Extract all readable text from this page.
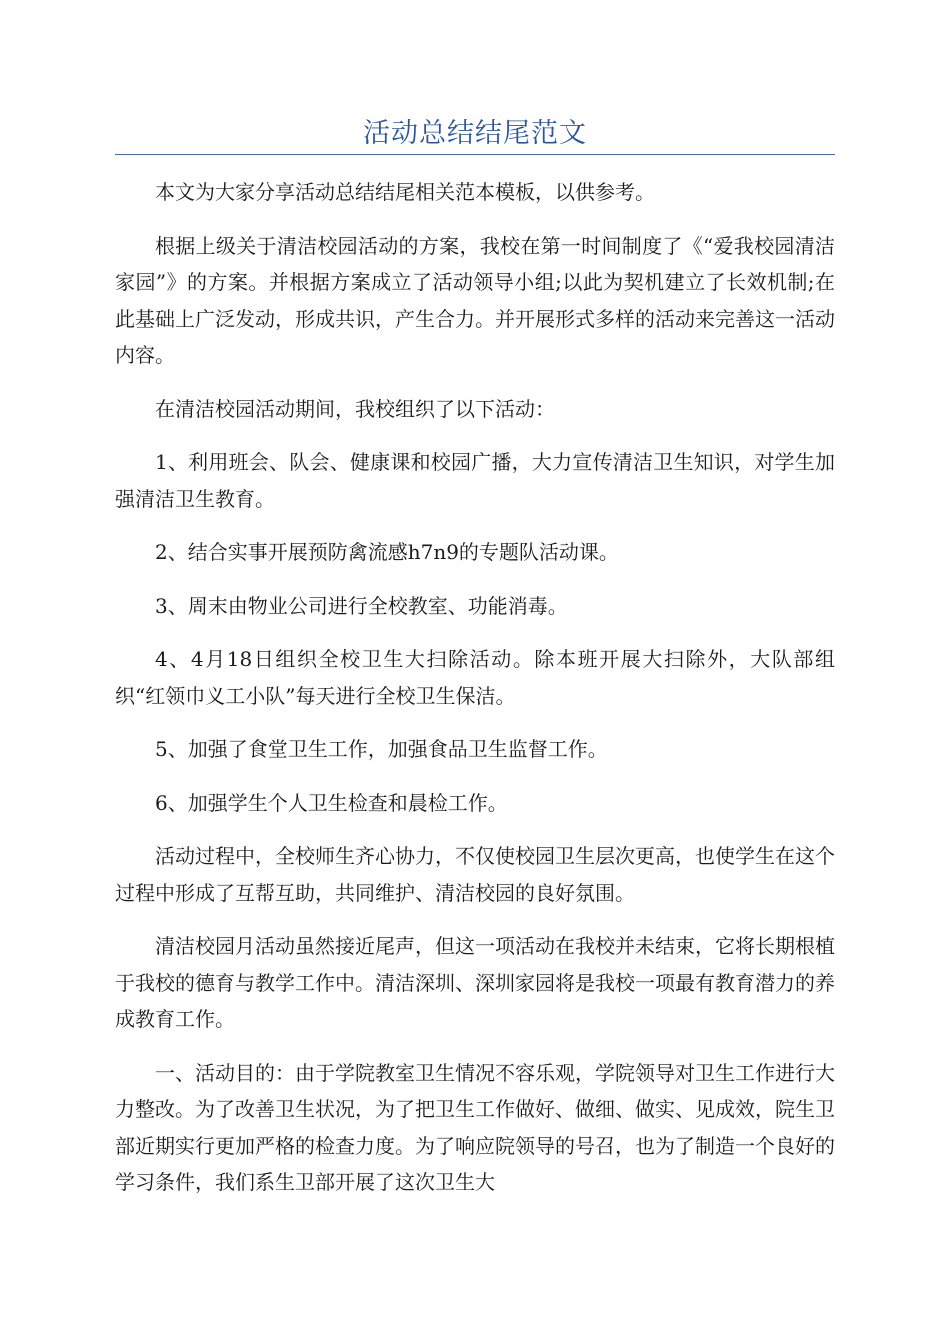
活动总结结尾范文

本文为大家分享活动总结结尾相关范本模板，以供参考。

根据上级关于清洁校园活动的方案，我校在第一时间制度了《“爱我校园清洁家园”》的方案。并根据方案成立了活动领导小组;以此为契机建立了长效机制;在此基础上广泛发动，形成共识，产生合力。并开展形式多样的活动来完善这一活动内容。

在清洁校园活动期间，我校组织了以下活动：

1、利用班会、队会、健康课和校园广播，大力宣传清洁卫生知识，对学生加强清洁卫生教育。

2、结合实事开展预防禽流感h7n9的专题队活动课。

3、周末由物业公司进行全校教室、功能消毒。

4、4月18日组织全校卫生大扫除活动。除本班开展大扫除外，大队部组织“红领巾义工小队”每天进行全校卫生保洁。

5、加强了食堂卫生工作，加强食品卫生监督工作。

6、加强学生个人卫生检查和晨检工作。

活动过程中，全校师生齐心协力，不仅使校园卫生层次更高，也使学生在这个过程中形成了互帮互助，共同维护、清洁校园的良好氛围。

清洁校园月活动虽然接近尾声，但这一项活动在我校并未结束，它将长期根植于我校的德育与教学工作中。清洁深圳、深圳家园将是我校一项最有教育潜力的养成教育工作。

一、活动目的：由于学院教室卫生情况不容乐观，学院领导对卫生工作进行大力整改。为了改善卫生状况，为了把卫生工作做好、做细、做实、见成效，院生卫部近期实行更加严格的检查力度。为了响应院领导的号召，也为了制造一个良好的学习条件，我们系生卫部开展了这次卫生大
